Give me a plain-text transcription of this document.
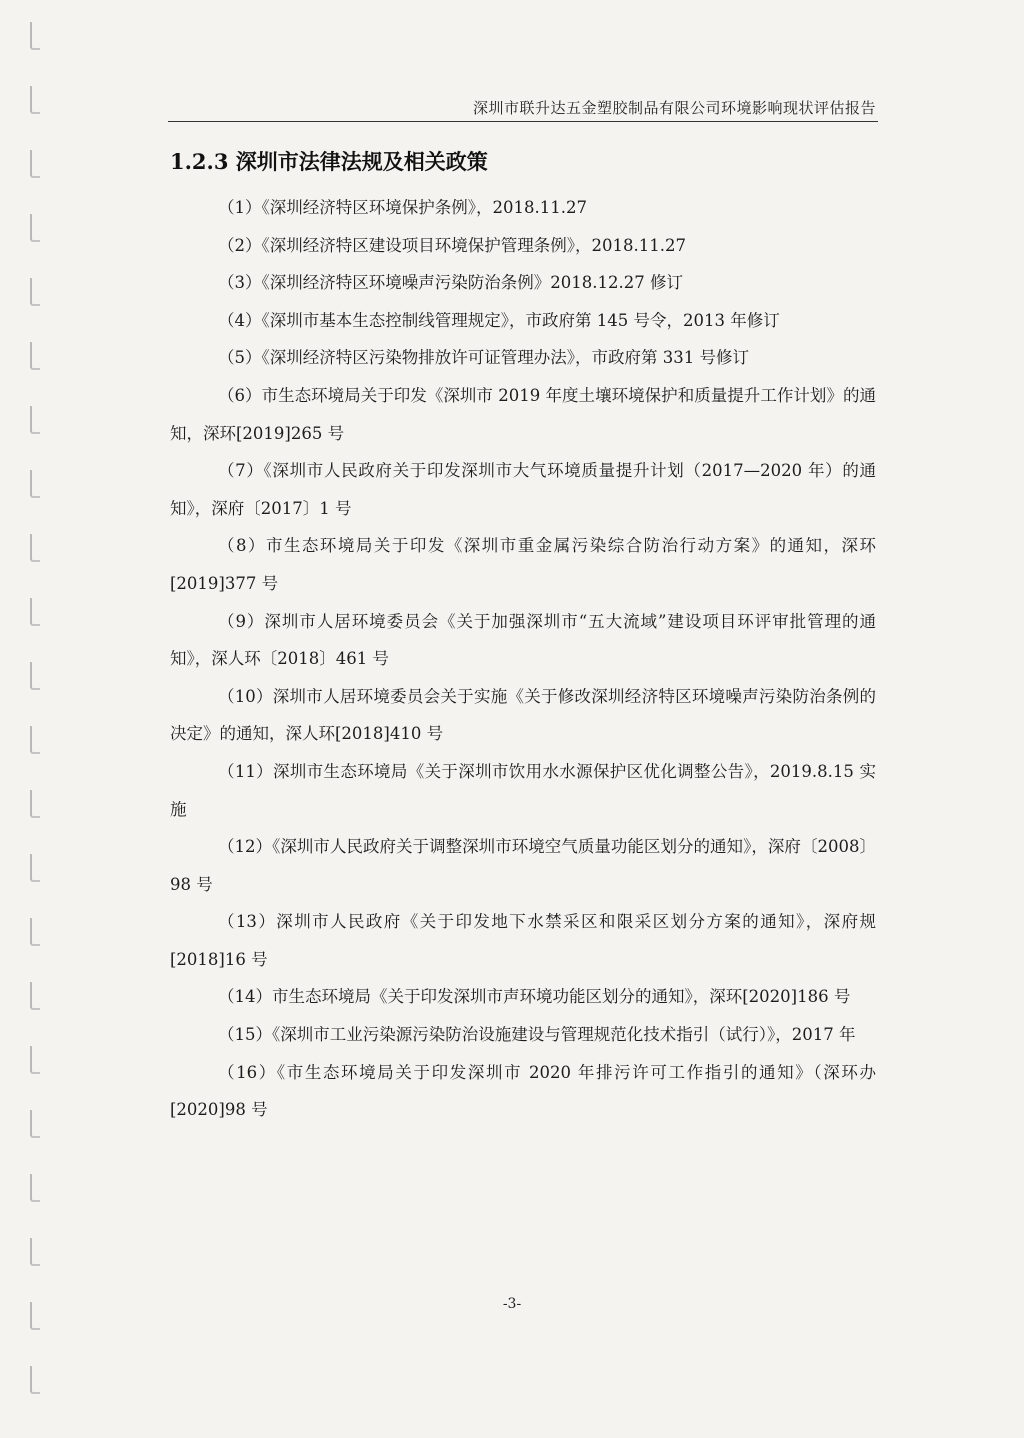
深圳市联升达五金塑胶制品有限公司环境影响现状评估报告
1.2.3 深圳市法律法规及相关政策

（1）《深圳经济特区环境保护条例》，2018.11.27

（2）《深圳经济特区建设项目环境保护管理条例》，2018.11.27

（3）《深圳经济特区环境噪声污染防治条例》2018.12.27 修订

（4）《深圳市基本生态控制线管理规定》，市政府第 145 号令，2013 年修订

（5）《深圳经济特区污染物排放许可证管理办法》，市政府第 331 号修订

（6）市生态环境局关于印发《深圳市 2019 年度土壤环境保护和质量提升工作计划》的通知，深环[2019]265 号

（7）《深圳市人民政府关于印发深圳市大气环境质量提升计划（2017—2020 年）的通知》，深府〔2017〕1 号

（8）市生态环境局关于印发《深圳市重金属污染综合防治行动方案》的通知，深环[2019]377 号

（9）深圳市人居环境委员会《关于加强深圳市“五大流域”建设项目环评审批管理的通知》，深人环〔2018〕461 号

（10）深圳市人居环境委员会关于实施《关于修改深圳经济特区环境噪声污染防治条例的决定》的通知，深人环[2018]410 号

（11）深圳市生态环境局《关于深圳市饮用水水源保护区优化调整公告》，2019.8.15 实施

（12）《深圳市人民政府关于调整深圳市环境空气质量功能区划分的通知》，深府〔2008〕98 号

（13）深圳市人民政府《关于印发地下水禁采区和限采区划分方案的通知》，深府规[2018]16 号

（14）市生态环境局《关于印发深圳市声环境功能区划分的通知》，深环[2020]186 号

（15）《深圳市工业污染源污染防治设施建设与管理规范化技术指引（试行）》，2017 年

（16）《市生态环境局关于印发深圳市 2020 年排污许可工作指引的通知》（深环办[2020]98 号

-3-
